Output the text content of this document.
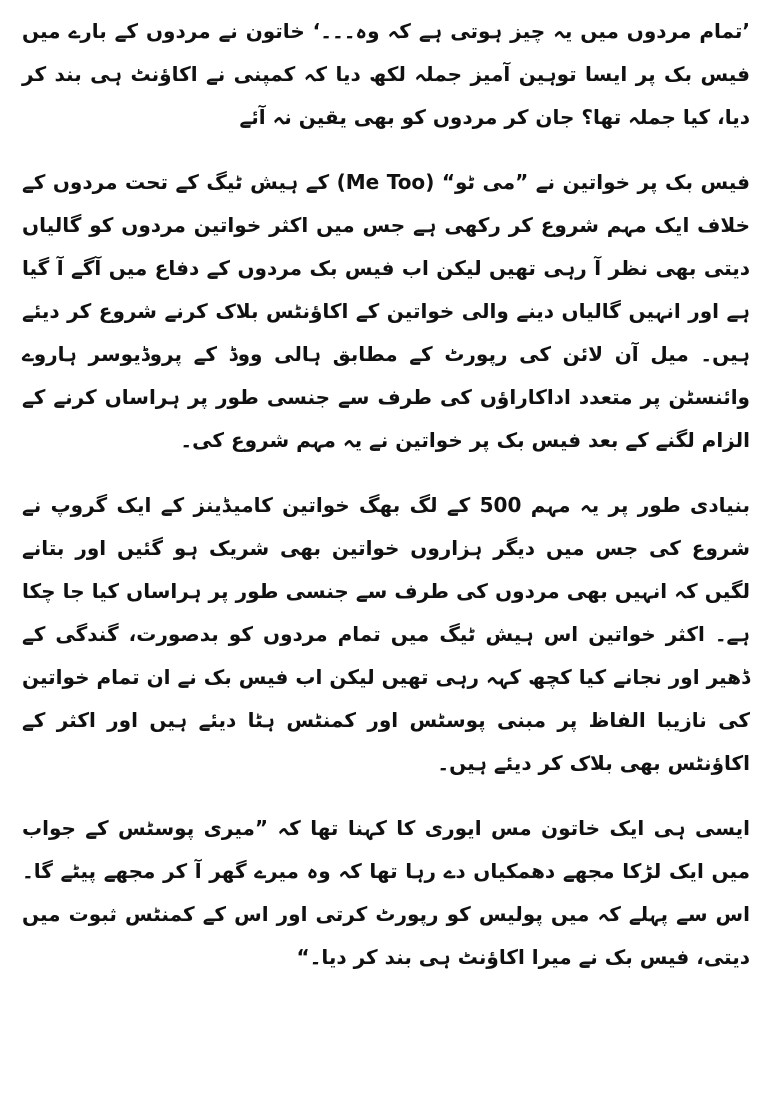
’تمام مردوں میں یہ چیز ہوتی ہے کہ وہ۔۔۔‘ خاتون نے مردوں کے بارے میں فیس بک پر ایسا توہین آمیز جملہ لکھ دیا کہ کمپنی نے اکاؤنٹ ہی بند کر دیا، کیا جملہ تھا؟ جان کر مردوں کو بھی یقین نہ آئے

فیس بک پر خواتین نے ”می ٹو“ (Me Too) کے ہیش ٹیگ کے تحت مردوں کے خلاف ایک مہم شروع کر رکھی ہے جس میں اکثر خواتین مردوں کو گالیاں دیتی بھی نظر آ رہی تھیں لیکن اب فیس بک مردوں کے دفاع میں آگے آ گیا ہے اور انہیں گالیاں دینے والی خواتین کے اکاؤنٹس بلاک کرنے شروع کر دیئے ہیں۔ میل آن لائن کی رپورٹ کے مطابق ہالی ووڈ کے پروڈیوسر ہاروے وائنسٹن پر متعدد اداکاراؤں کی طرف سے جنسی طور پر ہراساں کرنے کے الزام لگنے کے بعد فیس بک پر خواتین نے یہ مہم شروع کی۔

بنیادی طور پر یہ مہم 500 کے لگ بھگ خواتین کامیڈینز کے ایک گروپ نے شروع کی جس میں دیگر ہزاروں خواتین بھی شریک ہو گئیں اور بتانے لگیں کہ انہیں بھی مردوں کی طرف سے جنسی طور پر ہراساں کیا جا چکا ہے۔ اکثر خواتین اس ہیش ٹیگ میں تمام مردوں کو بدصورت، گندگی کے ڈھیر اور نجانے کیا کچھ کہہ رہی تھیں لیکن اب فیس بک نے ان تمام خواتین کی نازیبا الفاظ پر مبنی پوسٹس اور کمنٹس ہٹا دیئے ہیں اور اکثر کے اکاؤنٹس بھی بلاک کر دیئے ہیں۔

ایسی ہی ایک خاتون مس ایوری کا کہنا تھا کہ ”میری پوسٹس کے جواب میں ایک لڑکا مجھے دھمکیاں دے رہا تھا کہ وہ میرے گھر آ کر مجھے پیٹے گا۔ اس سے پہلے کہ میں پولیس کو رپورٹ کرتی اور اس کے کمنٹس ثبوت میں دیتی، فیس بک نے میرا اکاؤنٹ ہی بند کر دیا۔“
